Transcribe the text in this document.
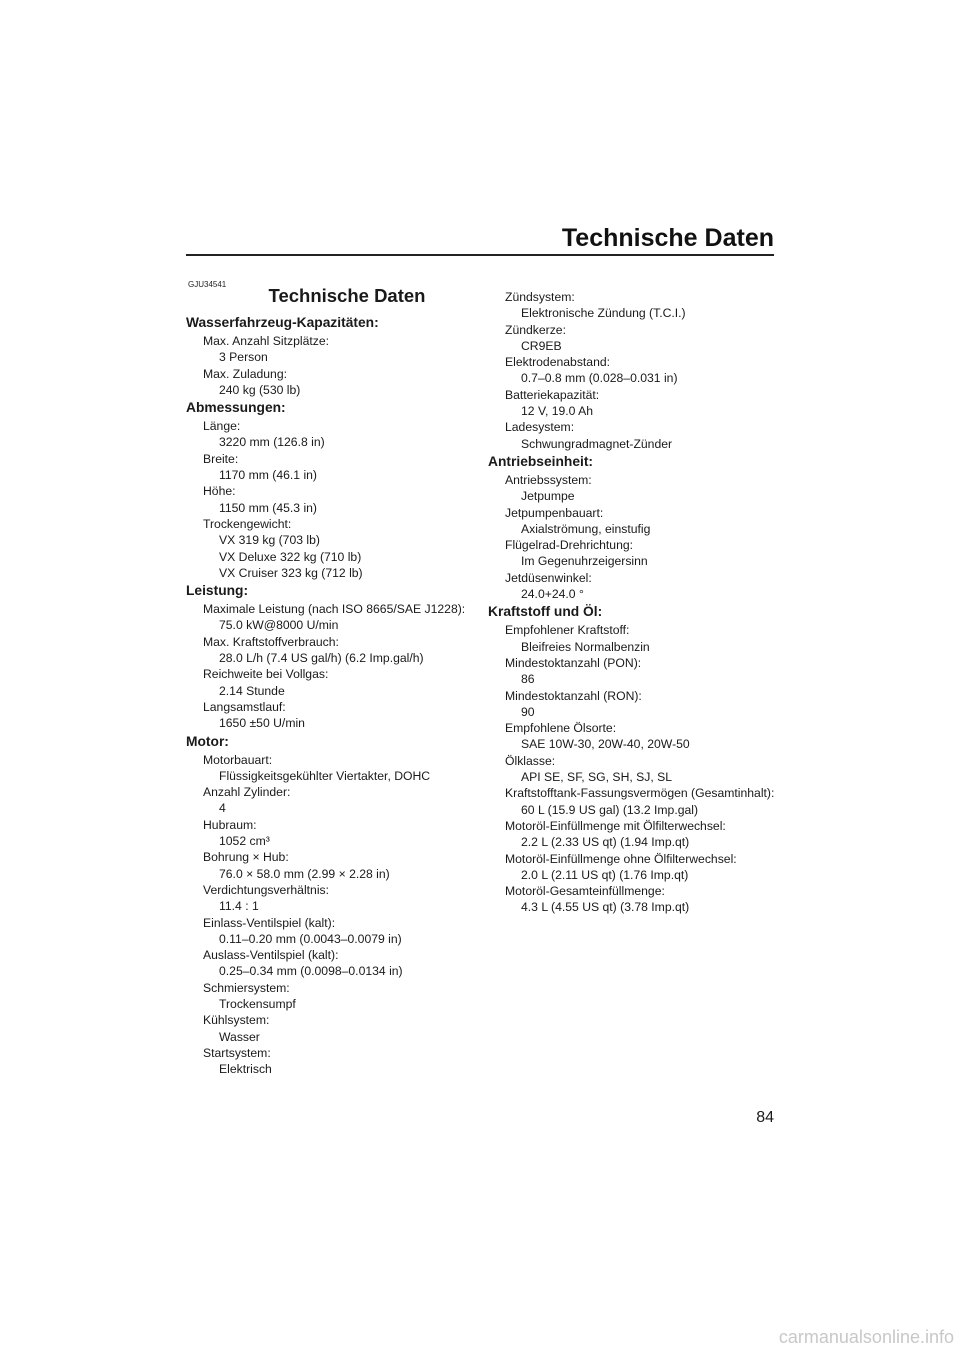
Technische Daten
GJU34541
Technische Daten
Wasserfahrzeug-Kapazitäten:
Max. Anzahl Sitzplätze:
3 Person
Max. Zuladung:
240 kg (530 lb)
Abmessungen:
Länge:
3220 mm (126.8 in)
Breite:
1170 mm (46.1 in)
Höhe:
1150 mm (45.3 in)
Trockengewicht:
VX 319 kg (703 lb)
VX Deluxe 322 kg (710 lb)
VX Cruiser 323 kg (712 lb)
Leistung:
Maximale Leistung (nach ISO 8665/SAE J1228):
75.0 kW@8000 U/min
Max. Kraftstoffverbrauch:
28.0 L/h (7.4 US gal/h) (6.2 Imp.gal/h)
Reichweite bei Vollgas:
2.14 Stunde
Langsamstlauf:
1650 ±50 U/min
Motor:
Motorbauart:
Flüssigkeitsgekühlter Viertakter, DOHC
Anzahl Zylinder:
4
Hubraum:
1052 cm³
Bohrung × Hub:
76.0 × 58.0 mm (2.99 × 2.28 in)
Verdichtungsverhältnis:
11.4 : 1
Einlass-Ventilspiel (kalt):
0.11–0.20 mm (0.0043–0.0079 in)
Auslass-Ventilspiel (kalt):
0.25–0.34 mm (0.0098–0.0134 in)
Schmiersystem:
Trockensumpf
Kühlsystem:
Wasser
Startsystem:
Elektrisch
Zündsystem:
Elektronische Zündung (T.C.I.)
Zündkerze:
CR9EB
Elektrodenabstand:
0.7–0.8 mm (0.028–0.031 in)
Batteriekapazität:
12 V, 19.0 Ah
Ladesystem:
Schwungradmagnet-Zünder
Antriebseinheit:
Antriebssystem:
Jetpumpe
Jetpumpenbauart:
Axialströmung, einstufig
Flügelrad-Drehrichtung:
Im Gegenuhrzeigersinn
Jetdüsenwinkel:
24.0+24.0 °
Kraftstoff und Öl:
Empfohlener Kraftstoff:
Bleifreies Normalbenzin
Mindestoktanzahl (PON):
86
Mindestoktanzahl (RON):
90
Empfohlene Ölsorte:
SAE 10W-30, 20W-40, 20W-50
Ölklasse:
API SE, SF, SG, SH, SJ, SL
Kraftstofftank-Fassungsvermögen (Gesamtinhalt):
60 L (15.9 US gal) (13.2 Imp.gal)
Motoröl-Einfüllmenge mit Ölfilterwechsel:
2.2 L (2.33 US qt) (1.94 Imp.qt)
Motoröl-Einfüllmenge ohne Ölfilterwechsel:
2.0 L (2.11 US qt) (1.76 Imp.qt)
Motoröl-Gesamteinfüllmenge:
4.3 L (4.55 US qt) (3.78 Imp.qt)
84
carmanualsonline.info
